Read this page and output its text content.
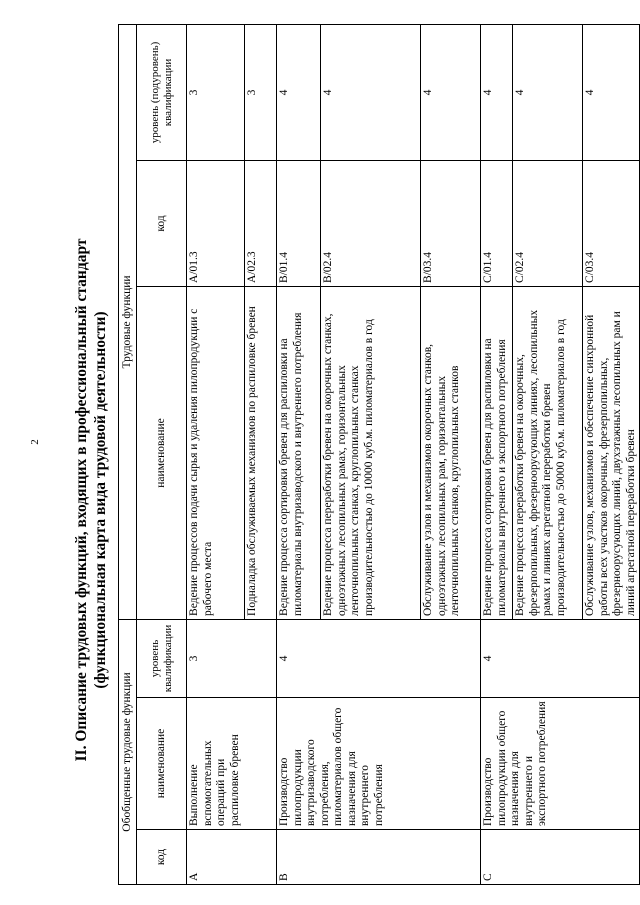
2 II. Описание трудовых функций, входящих в профессиональный стандарт (функциональная карта вида трудовой деятельности)
Обобщенные трудовые функции			Трудовые функции		
код	наименование	уровень квалификации	наименование	код	уровень (подуровень) квалификации
A	Выполнение вспомогательных операций при распиловке бревен	3	Ведение процессов подачи сырья и удаления пилопродукции с рабочего места	A/01.3	3
			Подналадка обслуживаемых механизмов по распиловке бревен	A/02.3	3
B	Производство пилопродукции внутризаводского потребления, пиломатериалов общего назначения для внутреннего потребления	4	Ведение процесса сортировки бревен для распиловки на пиломатериалы внутризаводского и внутреннего потребления	B/01.4	4
			Ведение процесса переработки бревен на окорочных станках, одноэтажных лесопильных рамах, горизонтальных ленточнопильных станках, круглопильных станках производительностью до 10000 куб.м. пиломатериалов в год	B/02.4	4
			Обслуживание узлов и механизмов окорочных станков, одноэтажных лесопильных рам, горизонтальных ленточнопильных станков, круглопильных станков	B/03.4	4
C	Производство пилопродукции общего назначения для внутреннего и экспортного потребления	4	Ведение процесса сортировки бревен для распиловки на пиломатериалы внутреннего и экспортного потребления	C/01.4	4
			Ведение процесса переработки бревен на окорочных, фрезерпопильных, фрезерноорусующих линиях, лесопильных рамах и линиях агрегатной переработки бревен производительностью до 50000 куб.м. пиломатериалов в год	C/02.4	4
			Обслуживание узлов, механизмов и обеспечение синхронной работы всех участков окорочных, фрезерпопильных, фрезерноорусующих линий, двухэтажных лесопильных рам и линий агрегатной переработки бревен	C/03.4	4
